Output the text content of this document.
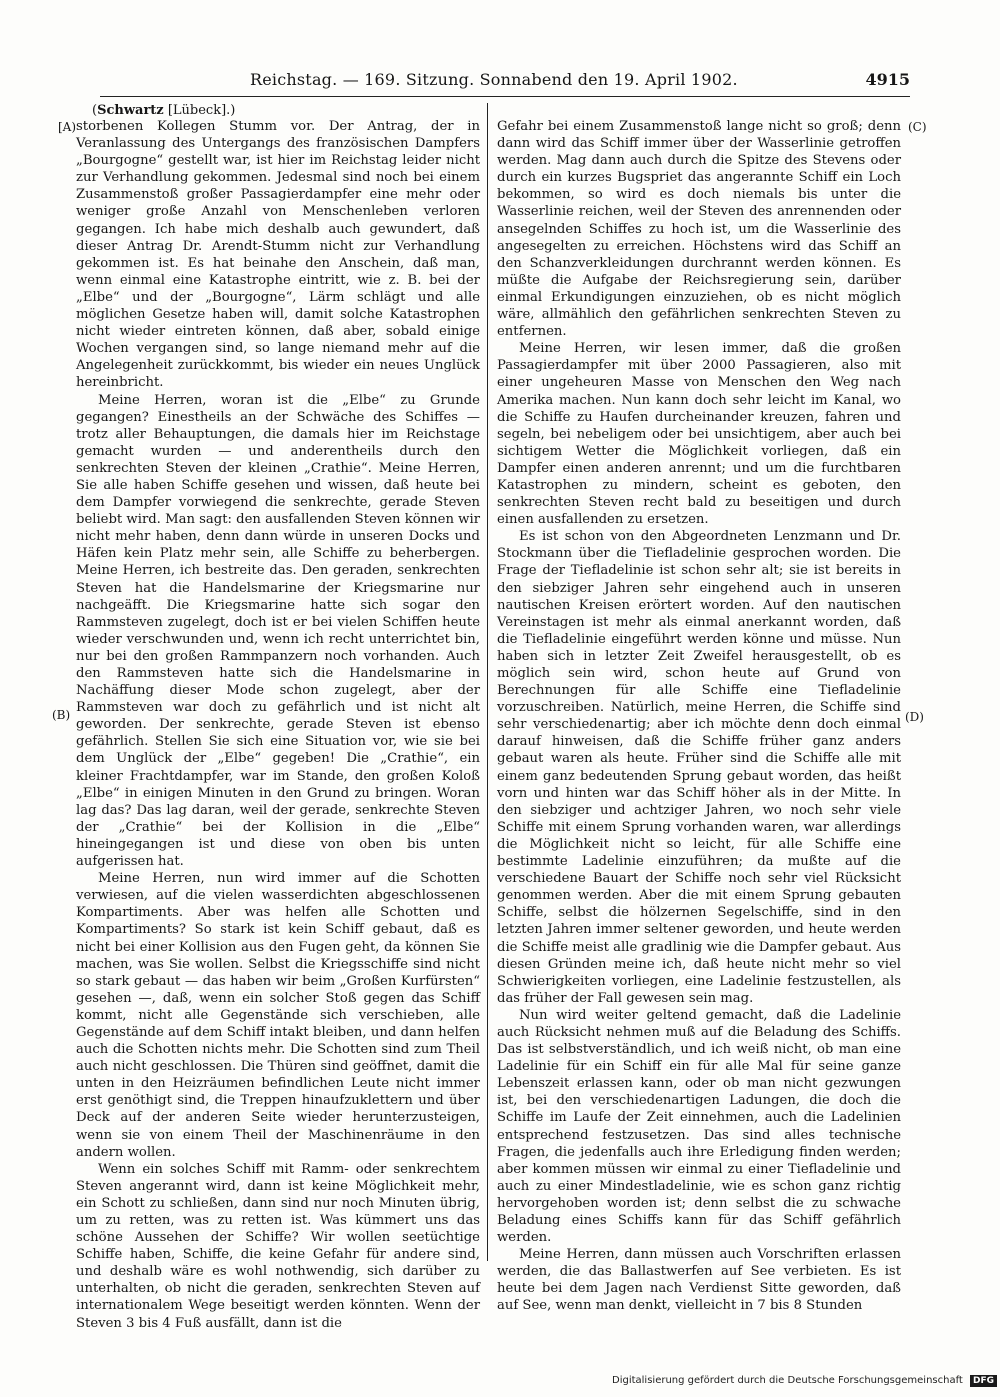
Reichstag. — 169. Sitzung. Sonnabend den 19. April 1902.	4915
(Schwartz [Lübeck].)
[A)
(B)
(C)
(D)

storbenen Kollegen Stumm vor. Der Antrag, der in Veranlassung des Untergangs des französischen Dampfers „Bourgogne“ gestellt war, ist hier im Reichstag leider nicht zur Verhandlung gekommen. Jedesmal sind noch bei einem Zusammenstoß großer Passagierdampfer eine mehr oder weniger große Anzahl von Menschenleben verloren gegangen. Ich habe mich deshalb auch gewundert, daß dieser Antrag Dr. Arendt-Stumm nicht zur Verhandlung gekommen ist. Es hat beinahe den Anschein, daß man, wenn einmal eine Katastrophe eintritt, wie z. B. bei der „Elbe“ und der „Bourgogne“, Lärm schlägt und alle möglichen Gesetze haben will, damit solche Katastrophen nicht wieder eintreten können, daß aber, sobald einige Wochen vergangen sind, so lange niemand mehr auf die Angelegenheit zurückkommt, bis wieder ein neues Unglück hereinbricht.

Meine Herren, woran ist die „Elbe“ zu Grunde gegangen? Einestheils an der Schwäche des Schiffes — trotz aller Behauptungen, die damals hier im Reichstage gemacht wurden — und anderentheils durch den senkrechten Steven der kleinen „Crathie“. Meine Herren, Sie alle haben Schiffe gesehen und wissen, daß heute bei dem Dampfer vorwiegend die senkrechte, gerade Steven beliebt wird. Man sagt: den ausfallenden Steven können wir nicht mehr haben, denn dann würde in unseren Docks und Häfen kein Platz mehr sein, alle Schiffe zu beherbergen. Meine Herren, ich bestreite das. Den geraden, senkrechten Steven hat die Handelsmarine der Kriegsmarine nur nachgeäfft. Die Kriegsmarine hatte sich sogar den Rammsteven zugelegt, doch ist er bei vielen Schiffen heute wieder verschwunden und, wenn ich recht unterrichtet bin, nur bei den großen Rammpanzern noch vorhanden. Auch den Rammsteven hatte sich die Handelsmarine in Nachäffung dieser Mode schon zugelegt, aber der Rammsteven war doch zu gefährlich und ist nicht alt geworden. Der senkrechte, gerade Steven ist ebenso gefährlich. Stellen Sie sich eine Situation vor, wie sie bei dem Unglück der „Elbe“ gegeben! Die „Crathie“, ein kleiner Frachtdampfer, war im Stande, den großen Koloß „Elbe“ in einigen Minuten in den Grund zu bringen. Woran lag das? Das lag daran, weil der gerade, senkrechte Steven der „Crathie“ bei der Kollision in die „Elbe“ hineingegangen ist und diese von oben bis unten aufgerissen hat.

Meine Herren, nun wird immer auf die Schotten verwiesen, auf die vielen wasserdichten abgeschlossenen Kompartiments. Aber was helfen alle Schotten und Kompartiments? So stark ist kein Schiff gebaut, daß es nicht bei einer Kollision aus den Fugen geht, da können Sie machen, was Sie wollen. Selbst die Kriegsschiffe sind nicht so stark gebaut — das haben wir beim „Großen Kurfürsten“ gesehen —, daß, wenn ein solcher Stoß gegen das Schiff kommt, nicht alle Gegenstände sich verschieben, alle Gegenstände auf dem Schiff intakt bleiben, und dann helfen auch die Schotten nichts mehr. Die Schotten sind zum Theil auch nicht geschlossen. Die Thüren sind geöffnet, damit die unten in den Heizräumen befindlichen Leute nicht immer erst genöthigt sind, die Treppen hinaufzuklettern und über Deck auf der anderen Seite wieder herunterzusteigen, wenn sie von einem Theil der Maschinenräume in den andern wollen.

Wenn ein solches Schiff mit Ramm- oder senkrechtem Steven angerannt wird, dann ist keine Möglichkeit mehr, ein Schott zu schließen, dann sind nur noch Minuten übrig, um zu retten, was zu retten ist. Was kümmert uns das schöne Aussehen der Schiffe? Wir wollen seetüchtige Schiffe haben, Schiffe, die keine Gefahr für andere sind, und deshalb wäre es wohl nothwendig, sich darüber zu unterhalten, ob nicht die geraden, senkrechten Steven auf internationalem Wege beseitigt werden könnten. Wenn der Steven 3 bis 4 Fuß ausfällt, dann ist die

Gefahr bei einem Zusammenstoß lange nicht so groß; denn dann wird das Schiff immer über der Wasserlinie getroffen werden. Mag dann auch durch die Spitze des Stevens oder durch ein kurzes Bugspriet das angerannte Schiff ein Loch bekommen, so wird es doch niemals bis unter die Wasserlinie reichen, weil der Steven des anrennenden oder ansegelnden Schiffes zu hoch ist, um die Wasserlinie des angesegelten zu erreichen. Höchstens wird das Schiff an den Schanzverkleidungen durchrannt werden können. Es müßte die Aufgabe der Reichsregierung sein, darüber einmal Erkundigungen einzuziehen, ob es nicht möglich wäre, allmählich den gefährlichen senkrechten Steven zu entfernen.

Meine Herren, wir lesen immer, daß die großen Passagierdampfer mit über 2000 Passagieren, also mit einer ungeheuren Masse von Menschen den Weg nach Amerika machen. Nun kann doch sehr leicht im Kanal, wo die Schiffe zu Haufen durcheinander kreuzen, fahren und segeln, bei nebeligem oder bei unsichtigem, aber auch bei sichtigem Wetter die Möglichkeit vorliegen, daß ein Dampfer einen anderen anrennt; und um die furchtbaren Katastrophen zu mindern, scheint es geboten, den senkrechten Steven recht bald zu beseitigen und durch einen ausfallenden zu ersetzen.

Es ist schon von den Abgeordneten Lenzmann und Dr. Stockmann über die Tiefladelinie gesprochen worden. Die Frage der Tiefladelinie ist schon sehr alt; sie ist bereits in den siebziger Jahren sehr eingehend auch in unseren nautischen Kreisen erörtert worden. Auf den nautischen Vereinstagen ist mehr als einmal anerkannt worden, daß die Tiefladelinie eingeführt werden könne und müsse. Nun haben sich in letzter Zeit Zweifel herausgestellt, ob es möglich sein wird, schon heute auf Grund von Berechnungen für alle Schiffe eine Tiefladelinie vorzuschreiben. Natürlich, meine Herren, die Schiffe sind sehr verschiedenartig; aber ich möchte denn doch einmal darauf hinweisen, daß die Schiffe früher ganz anders gebaut waren als heute. Früher sind die Schiffe alle mit einem ganz bedeutenden Sprung gebaut worden, das heißt vorn und hinten war das Schiff höher als in der Mitte. In den siebziger und achtziger Jahren, wo noch sehr viele Schiffe mit einem Sprung vorhanden waren, war allerdings die Möglichkeit nicht so leicht, für alle Schiffe eine bestimmte Ladelinie einzuführen; da mußte auf die verschiedene Bauart der Schiffe noch sehr viel Rücksicht genommen werden. Aber die mit einem Sprung gebauten Schiffe, selbst die hölzernen Segelschiffe, sind in den letzten Jahren immer seltener geworden, und heute werden die Schiffe meist alle gradlinig wie die Dampfer gebaut. Aus diesen Gründen meine ich, daß heute nicht mehr so viel Schwierigkeiten vorliegen, eine Ladelinie festzustellen, als das früher der Fall gewesen sein mag.

Nun wird weiter geltend gemacht, daß die Ladelinie auch Rücksicht nehmen muß auf die Beladung des Schiffs. Das ist selbstverständlich, und ich weiß nicht, ob man eine Ladelinie für ein Schiff ein für alle Mal für seine ganze Lebenszeit erlassen kann, oder ob man nicht gezwungen ist, bei den verschiedenartigen Ladungen, die doch die Schiffe im Laufe der Zeit einnehmen, auch die Ladelinien entsprechend festzusetzen. Das sind alles technische Fragen, die jedenfalls auch ihre Erledigung finden werden; aber kommen müssen wir einmal zu einer Tiefladelinie und auch zu einer Mindestladelinie, wie es schon ganz richtig hervorgehoben worden ist; denn selbst die zu schwache Beladung eines Schiffs kann für das Schiff gefährlich werden.

Meine Herren, dann müssen auch Vorschriften erlassen werden, die das Ballastwerfen auf See verbieten. Es ist heute bei dem Jagen nach Verdienst Sitte geworden, daß auf See, wenn man denkt, vielleicht in 7 bis 8 Stunden

Digitalisierung gefördert durch die Deutsche Forschungsgemeinschaft DFG
